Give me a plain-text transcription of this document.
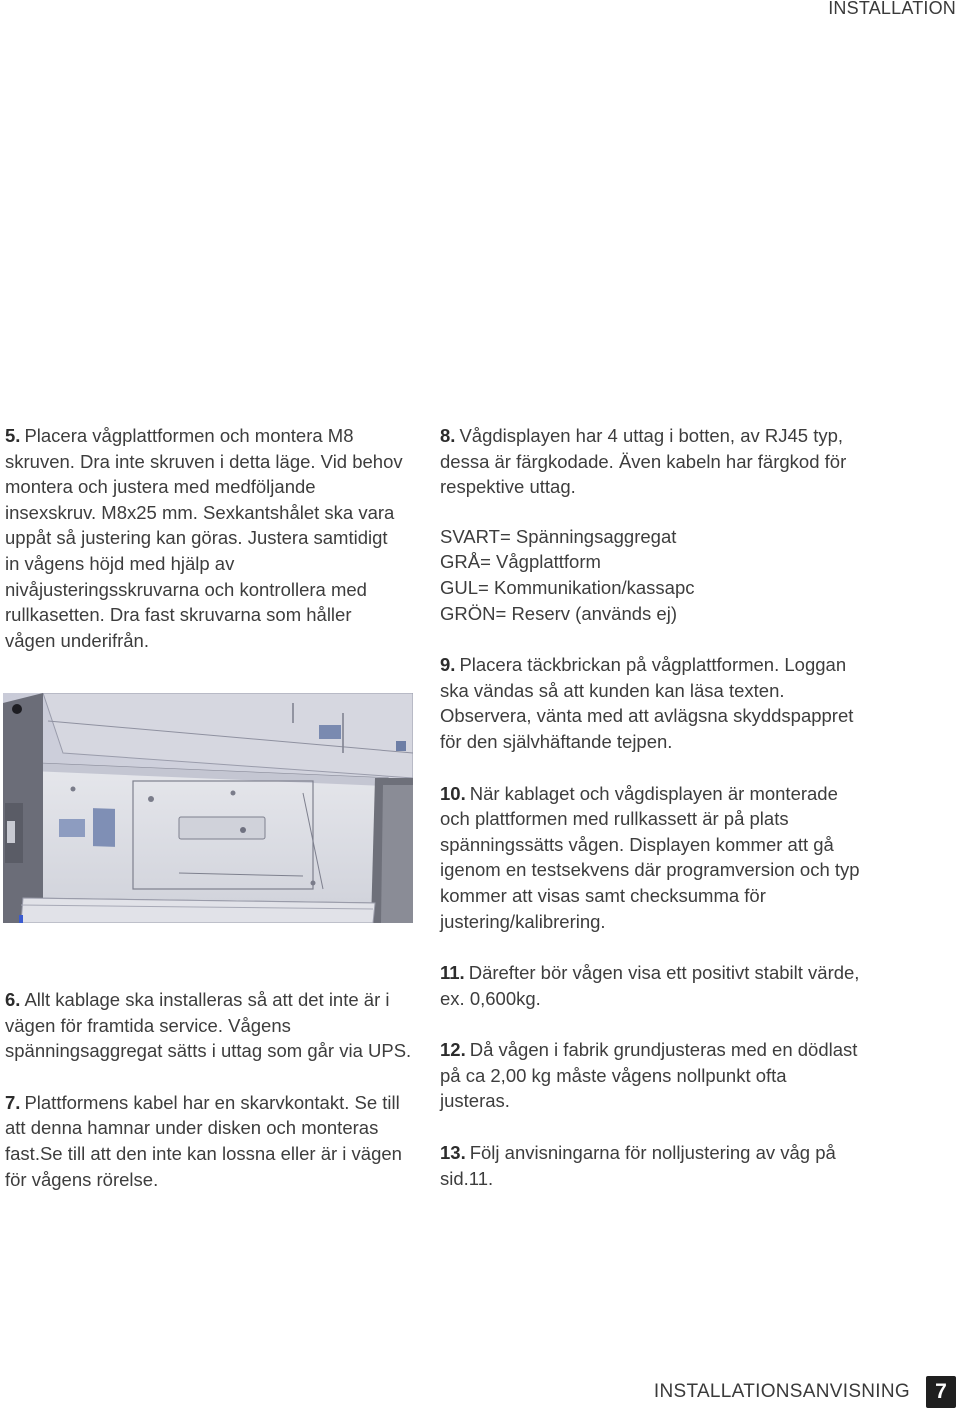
INSTALLATION

5. Placera vågplattformen och montera M8 skruven. Dra inte skruven i detta läge. Vid behov montera och justera med medföljande insexskruv. M8x25 mm. Sexkantshålet ska vara uppåt så justering kan göras. Justera samtidigt in vågens höjd med hjälp av nivåjusteringsskruvarna och kontrollera med rullkasetten. Dra fast skruvarna som håller vågen underifrån.

6. Allt kablage ska installeras så att det inte är i vägen för framtida service. Vågens spänningsaggregat sätts i uttag som går via UPS.

7. Plattformens kabel har en skarvkontakt. Se till att denna hamnar under disken och monteras fast.Se till att den inte kan lossna eller är i vägen för vågens rörelse.

8. Vågdisplayen har 4 uttag i botten, av RJ45 typ, dessa är färgkodade. Även kabeln har färgkod för respektive uttag.

SVART= Spänningsaggregat
GRÅ= Vågplattform
GUL= Kommunikation/kassapc
GRÖN= Reserv (används ej)

9. Placera täckbrickan på vågplattformen. Loggan ska vändas så att kunden kan läsa texten. Observera, vänta med att avlägsna skyddspappret för den självhäftande tejpen.

10. När kablaget och vågdisplayen är monterade och plattformen med rullkassett är på plats spänningssätts vågen. Displayen kommer att gå igenom en testsekvens där programversion och typ kommer att visas samt checksumma för justering/kalibrering.

11. Därefter bör vågen visa ett positivt stabilt värde, ex. 0,600kg.

12. Då vågen i fabrik grundjusteras med en dödlast på ca 2,00 kg måste vågens nollpunkt ofta justeras.

13. Följ anvisningarna för nolljustering av våg på sid.11.

INSTALLATIONSANVISNING	7
